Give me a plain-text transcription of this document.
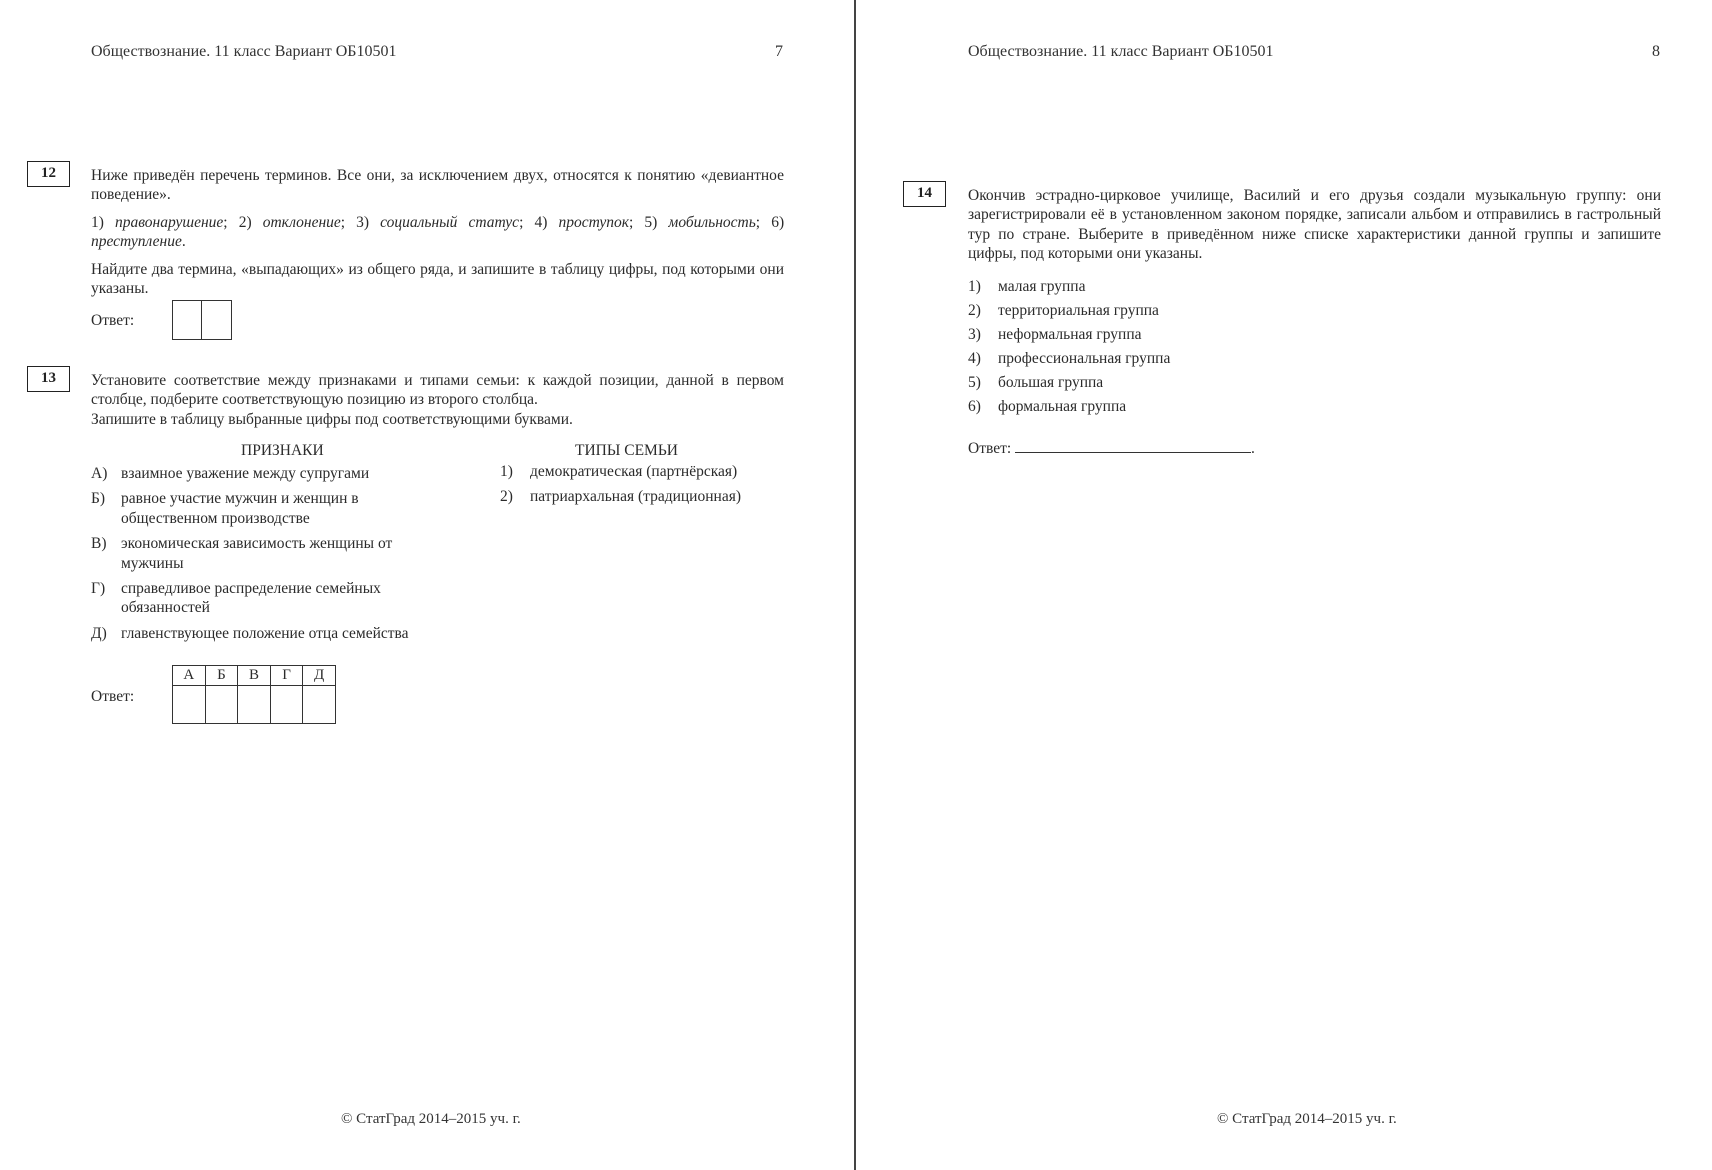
Обществознание. 11 класс Вариант ОБ10501	7
12	Ниже приведён перечень терминов. Все они, за исключением двух, относятся к понятию «девиантное поведение».

1) правонарушение; 2) отклонение; 3) социальный статус; 4) проступок; 5) мобильность; 6) преступление.

Найдите два термина, «выпадающих» из общего ряда, и запишите в таблицу цифры, под которыми они указаны.

Ответ:
13	Установите соответствие между признаками и типами семьи: к каждой позиции, данной в первом столбце, подберите соответствующую позицию из второго столбца.

Запишите в таблицу выбранные цифры под соответствующими буквами.

ПРИЗНАКИ	ТИПЫ СЕМЬИ
А) взаимное уважение между супругами
Б)	равное участие мужчин и женщин в общественном производстве
В) экономическая зависимость женщины от мужчины
Г)	справедливое распределение семейных обязанностей
Д) главенствующее положение отца семейства
1)	демократическая (партнёрская)
2)	патриархальная (традиционная)
Ответ:
А	Б	В	Г	Д

© СтатГрад 2014–2015 уч. г.
Обществознание. 11 класс Вариант ОБ10501	8
14	Окончив эстрадно-цирковое училище, Василий и его друзья создали музыкальную группу: они зарегистрировали её в установленном законом порядке, записали альбом и отправились в гастрольный тур по стране. Выберите в приведённом ниже списке характеристики данной группы и запишите цифры, под которыми они указаны.
1)	малая группа
2)	территориальная группа
3)	неформальная группа
4)	профессиональная группа
5)	большая группа
6)	формальная группа
Ответ:	.
© СтатГрад 2014–2015 уч. г.
